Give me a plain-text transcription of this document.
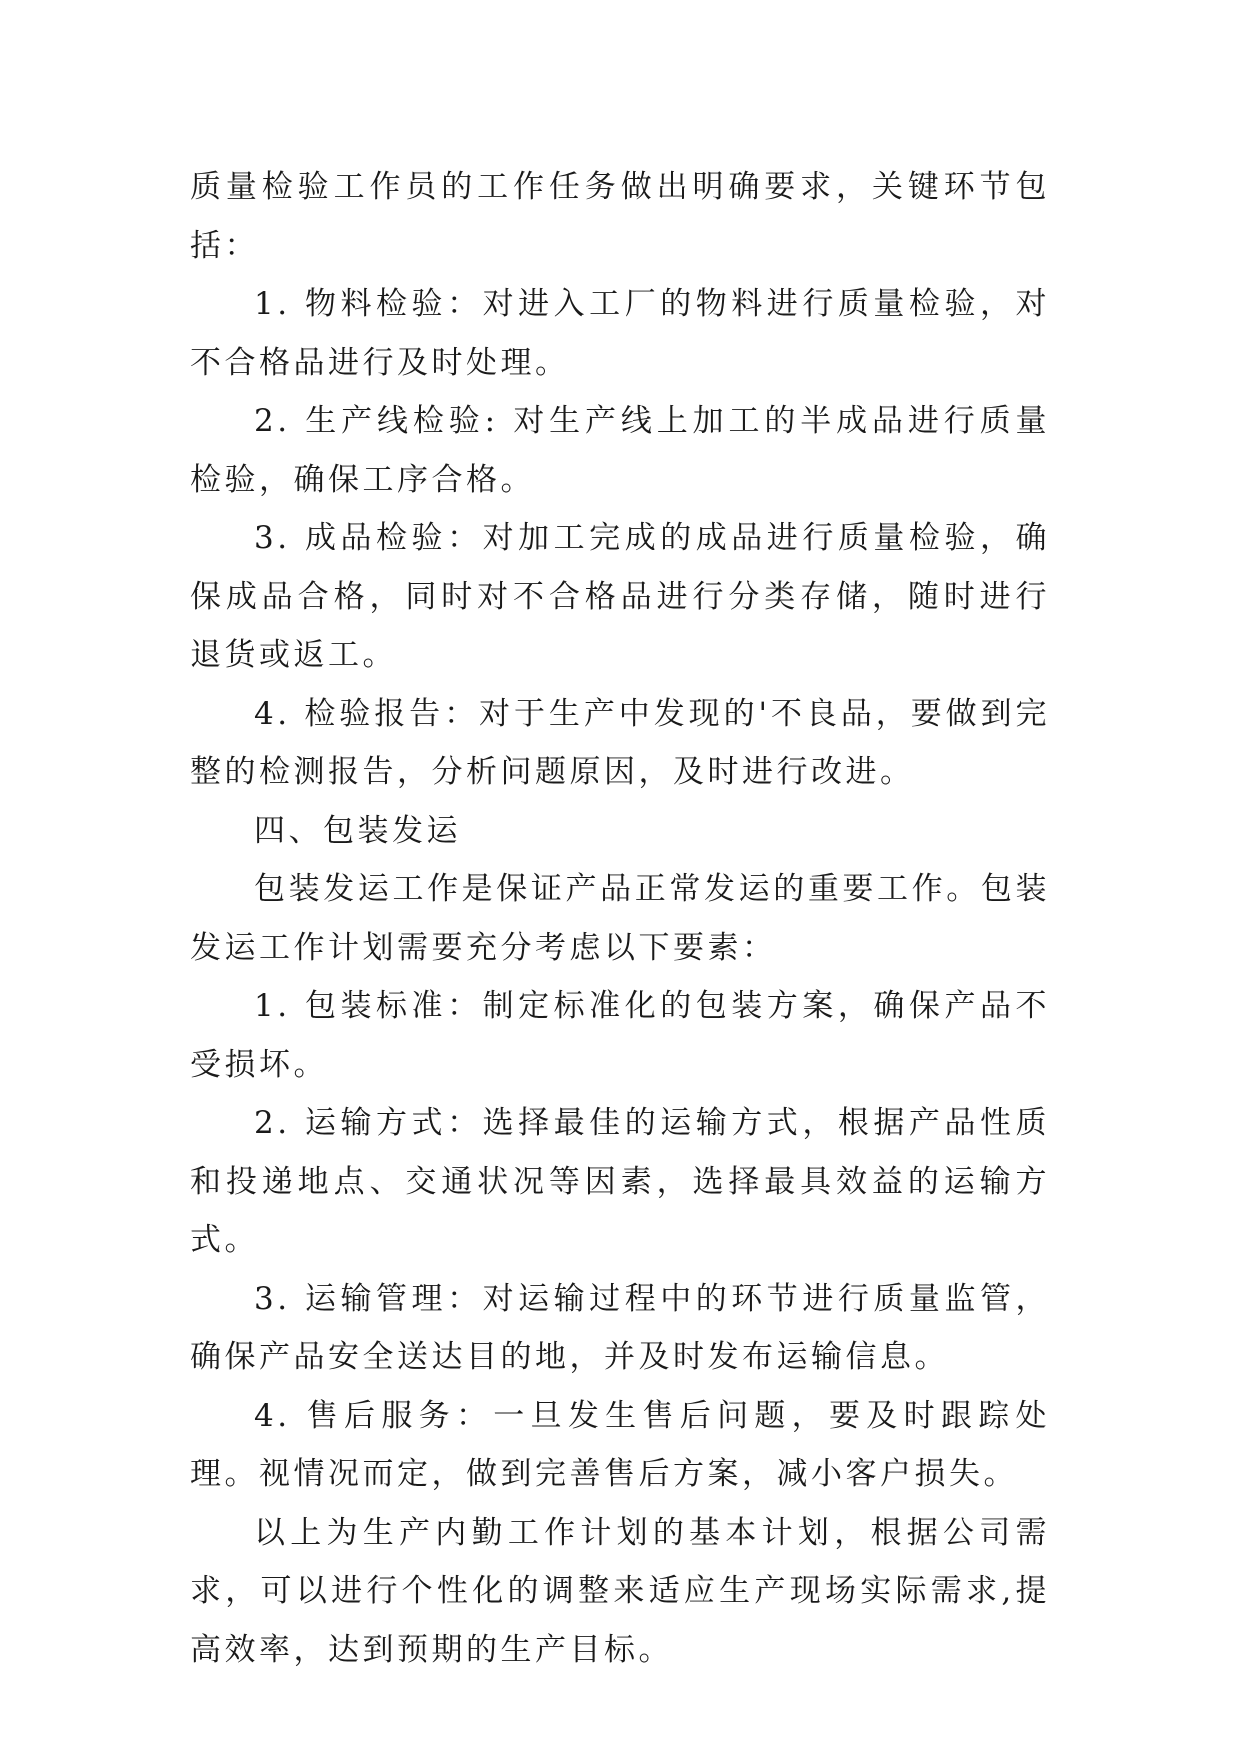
质量检验工作员的工作任务做出明确要求，关键环节包括：

1. 物料检验：对进入工厂的物料进行质量检验，对不合格品进行及时处理。

2. 生产线检验: 对生产线上加工的半成品进行质量检验，确保工序合格。

3. 成品检验：对加工完成的成品进行质量检验，确保成品合格，同时对不合格品进行分类存储，随时进行退货或返工。

4. 检验报告：对于生产中发现的'不良品，要做到完整的检测报告，分析问题原因，及时进行改进。

四、包装发运

包装发运工作是保证产品正常发运的重要工作。包装发运工作计划需要充分考虑以下要素：

1. 包装标准：制定标准化的包装方案，确保产品不受损坏。

2. 运输方式：选择最佳的运输方式，根据产品性质和投递地点、交通状况等因素，选择最具效益的运输方式。

3. 运输管理：对运输过程中的环节进行质量监管，确保产品安全送达目的地，并及时发布运输信息。

4. 售后服务：一旦发生售后问题，要及时跟踪处理。视情况而定，做到完善售后方案，减小客户损失。

以上为生产内勤工作计划的基本计划，根据公司需求，可以进行个性化的调整来适应生产现场实际需求,提高效率，达到预期的生产目标。
